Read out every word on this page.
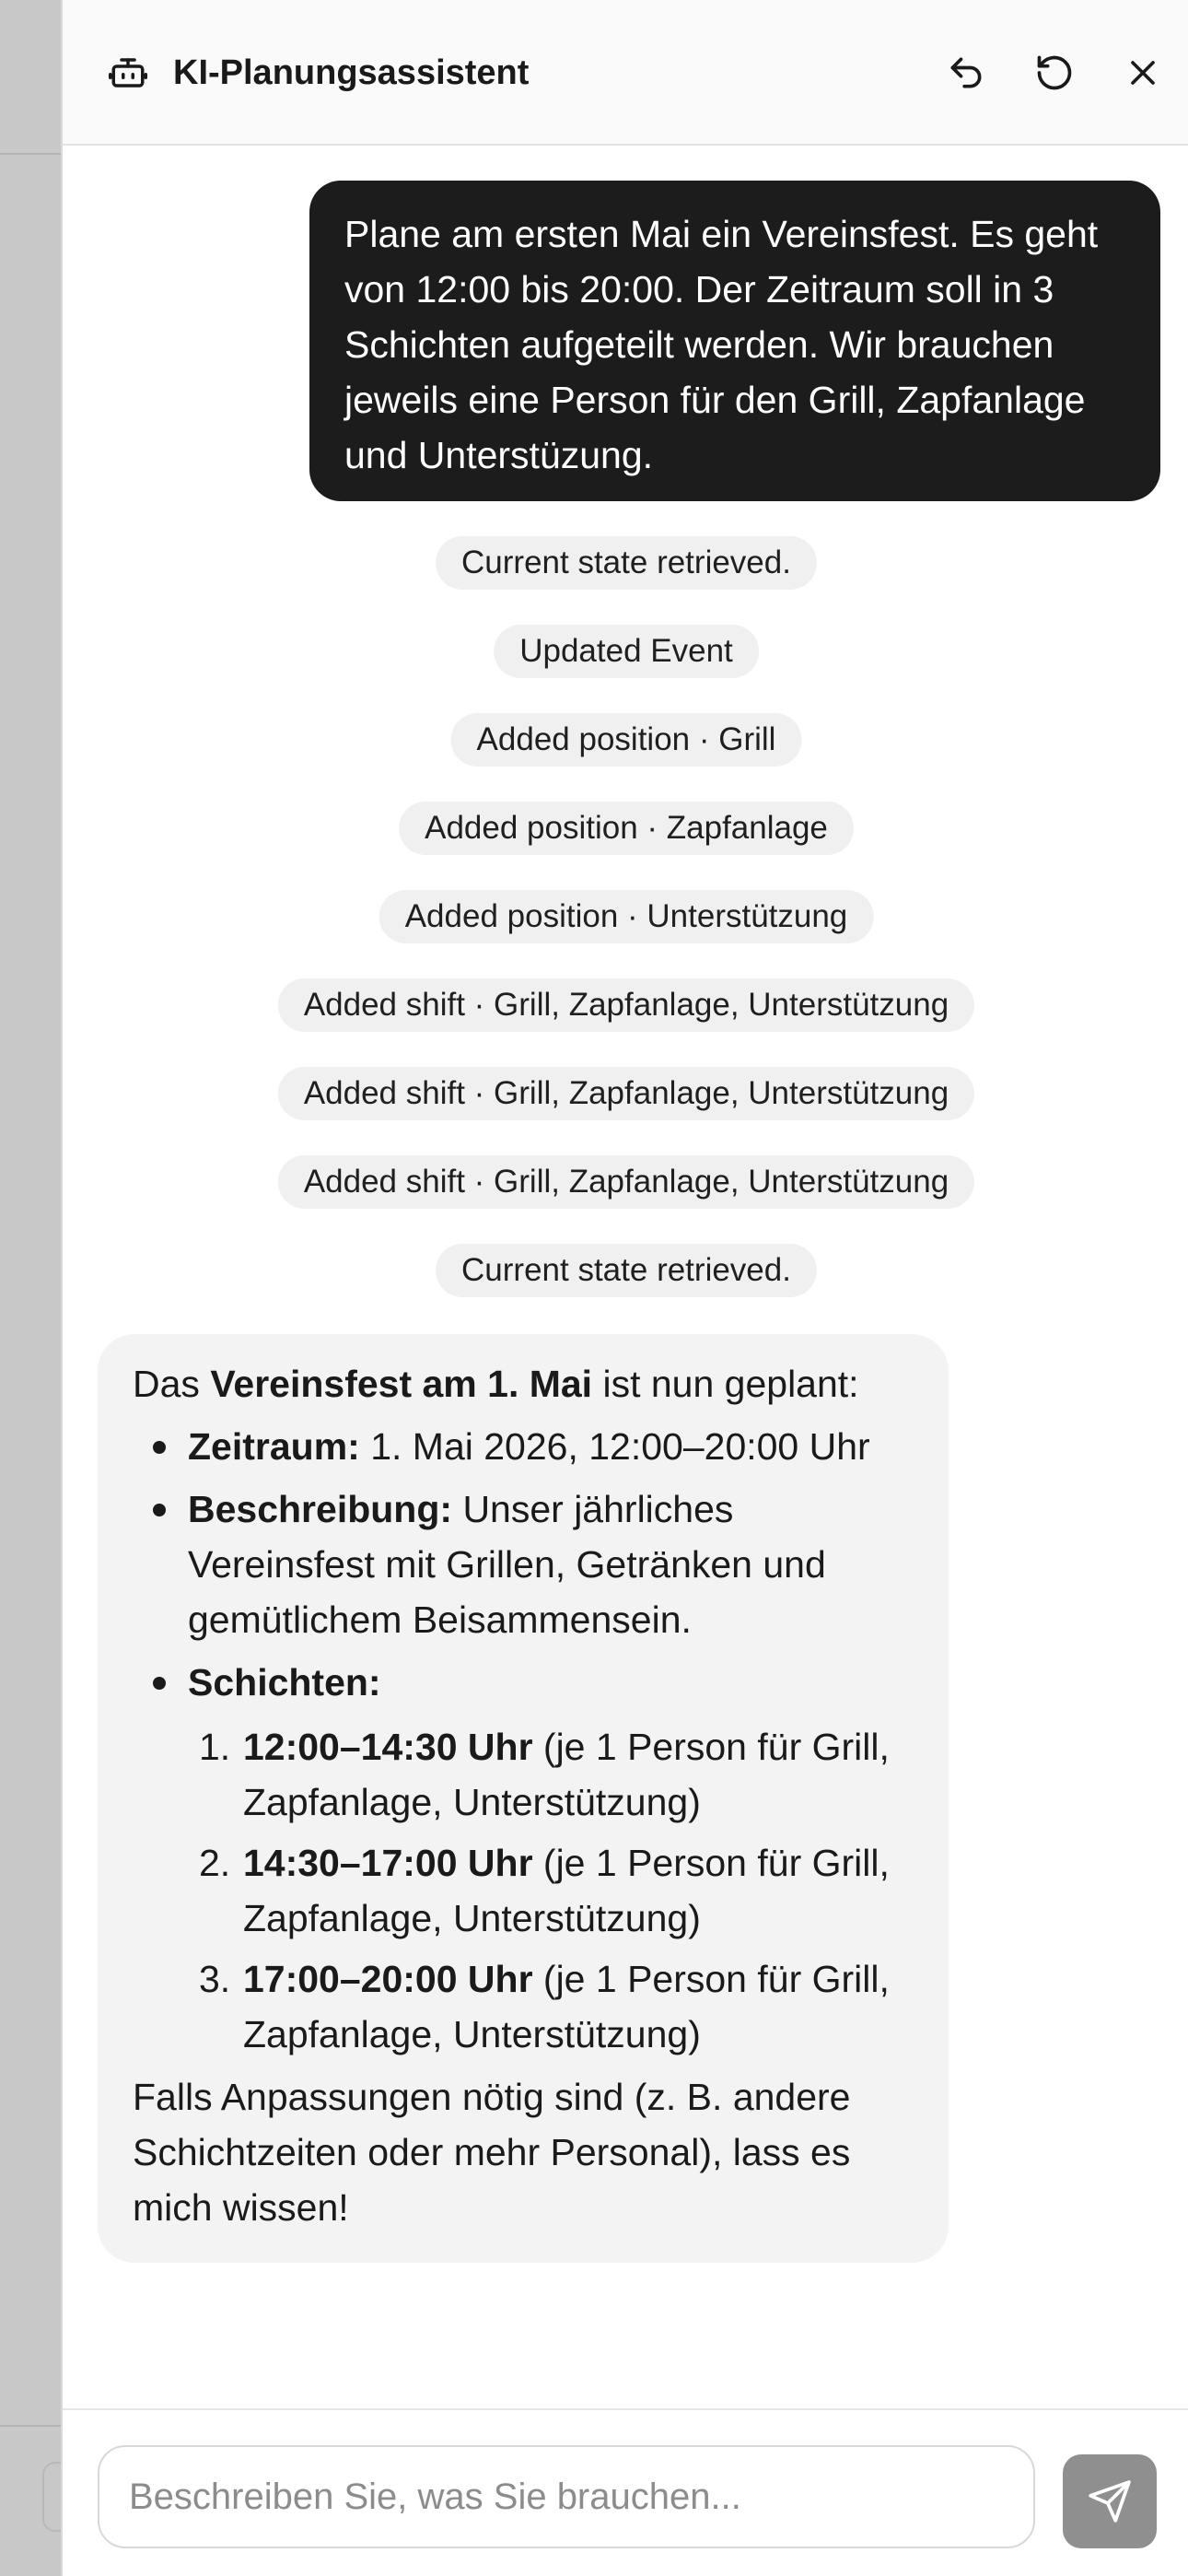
KI-Planungsassistent
Plane am ersten Mai ein Vereinsfest. Es geht von 12:00 bis 20:00. Der Zeitraum soll in 3 Schichten aufgeteilt werden. Wir brauchen jeweils eine Person für den Grill, Zapfanlage und Unterstüzung.
Current state retrieved.
Updated Event
Added position · Grill
Added position · Zapfanlage
Added position · Unterstützung
Added shift · Grill, Zapfanlage, Unterstützung
Added shift · Grill, Zapfanlage, Unterstützung
Added shift · Grill, Zapfanlage, Unterstützung
Current state retrieved.
Das Vereinsfest am 1. Mai ist nun geplant:
Zeitraum: 1. Mai 2026, 12:00–20:00 Uhr
Beschreibung: Unser jährliches Vereinsfest mit Grillen, Getränken und gemütlichem Beisammensein.
Schichten:
1. 12:00–14:30 Uhr (je 1 Person für Grill, Zapfanlage, Unterstützung)
2. 14:30–17:00 Uhr (je 1 Person für Grill, Zapfanlage, Unterstützung)
3. 17:00–20:00 Uhr (je 1 Person für Grill, Zapfanlage, Unterstützung)
Falls Anpassungen nötig sind (z. B. andere Schichtzeiten oder mehr Personal), lass es mich wissen!
Beschreiben Sie, was Sie brauchen...
